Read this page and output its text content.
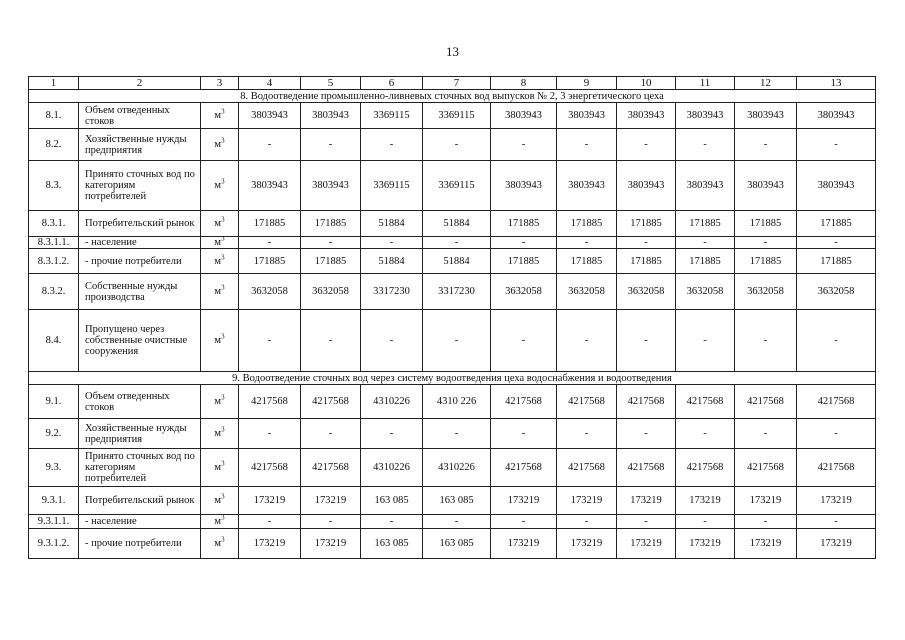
13
1	2	3	4	5	6	7	8	9	10	11	12	13
8. Водоотведение промышленно-ливневых сточных вод выпусков № 2, 3 энергетического цеха												
8.1.	Объем отведенных стоков	$м^3$	3803943	3803943	3369115	3369115	3803943	3803943	3803943	3803943	3803943	3803943
8.2.	Хозяйственные нужды предприятия	$м^3$	-	-	-	-	-	-	-	-	-	-
8.3.	Принято сточных вод по категориям потребителей	$м^3$	3803943	3803943	3369115	3369115	3803943	3803943	3803943	3803943	3803943	3803943
8.3.1.	Потребительский рынок	$м^3$	171885	171885	51884	51884	171885	171885	171885	171885	171885	171885
8.3.1.1.	- население	$м^3$	-	-	-	-	-	-	-	-	-	-
8.3.1.2.	- прочие потребители	$м^3$	171885	171885	51884	51884	171885	171885	171885	171885	171885	171885
8.3.2.	Собственные нужды производства	$м^3$	3632058	3632058	3317230	3317230	3632058	3632058	3632058	3632058	3632058	3632058
8.4.	Пропущено через собственные очистные сооружения	$м^3$	-	-	-	-	-	-	-	-	-	-
9. Водоотведение сточных вод через систему водоотведения цеха водоснабжения и водоотведения												
9.1.	Объем отведенных стоков	$м^3$	4217568	4217568	4310226	4310 226	4217568	4217568	4217568	4217568	4217568	4217568
9.2.	Хозяйственные нужды предприятия	$м^3$	-	-	-	-	-	-	-	-	-	-
9.3.	Принято сточных вод по категориям потребителей	$м^3$	4217568	4217568	4310226	4310226	4217568	4217568	4217568	4217568	4217568	4217568
9.3.1.	Потребительский рынок	$м^3$	173219	173219	163 085	163 085	173219	173219	173219	173219	173219	173219
9.3.1.1.	- население	$м^3$	-	-	-	-	-	-	-	-	-	-
9.3.1.2.	- прочие потребители	$м^3$	173219	173219	163 085	163 085	173219	173219	173219	173219	173219	173219
